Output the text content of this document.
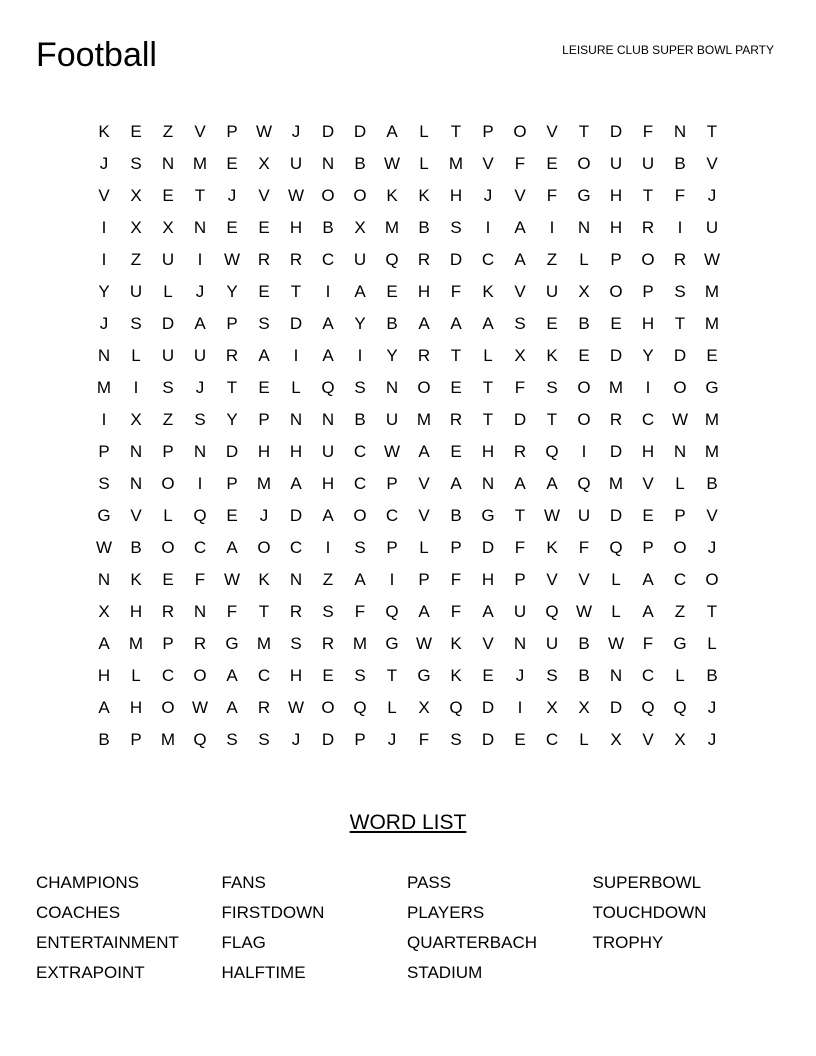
Football	LEISURE CLUB SUPER BOWL PARTY
K	E	Z	V	P	W	J	D	D	A	L	T	P	O	V	T	D	F	N	T
J	S	N	M	E	X	U	N	B	W	L	M	V	F	E	O	U	U	B	V
V	X	E	T	J	V	W	O	O	K	K	H	J	V	F	G	H	T	F	J
I	X	X	N	E	E	H	B	X	M	B	S	I	A	I	N	H	R	I	U
I	Z	U	I	W	R	R	C	U	Q	R	D	C	A	Z	L	P	O	R	W
Y	U	L	J	Y	E	T	I	A	E	H	F	K	V	U	X	O	P	S	M
J	S	D	A	P	S	D	A	Y	B	A	A	A	S	E	B	E	H	T	M
N	L	U	U	R	A	I	A	I	Y	R	T	L	X	K	E	D	Y	D	E
M	I	S	J	T	E	L	Q	S	N	O	E	T	F	S	O	M	I	O	G
I	X	Z	S	Y	P	N	N	B	U	M	R	T	D	T	O	R	C	W M
P	N	P	N	D	H	H	U	C	W	A	E	H	R	Q	I	D	H	N	M
S	N	O	I	P	M	A	H	C	P	V	A	N	A	A	Q	M	V	L	B
G	V	L	Q	E	J	D	A	O	C	V	B	G	T	W	U	D	E	P	V
W	B	O	C	A	O	C	I	S	P	L	P	D	F	K	F	Q	P	O	J
N	K	E	F	W	K	N	Z	A	I	P	F	H	P	V	V	L	A	C	O
X	H	R	N	F	T	R	S	F	Q	A	F	A	U	Q	W	L	A	Z	T
A	M	P	R	G	M	S	R	M	G	W	K	V	N	U	B	W	F	G	L
H	L	C	O	A	C	H	E	S	T	G	K	E	J	S	B	N	C	L	B
A	H	O	W	A	R	W	O	Q	L	X	Q	D	I	X	X	D	Q	Q	J
B	P	M	Q	S	S	J	D	P	J	F	S	D	E	C	L	X	V	X	J
WORD LIST
CHAMPIONS
COACHES
ENTERTAINMENT
EXTRAPOINT
FANS
FIRSTDOWN
FLAG
HALFTIME
PASS
PLAYERS
QUARTERBACH
STADIUM
SUPERBOWL
TOUCHDOWN
TROPHY
